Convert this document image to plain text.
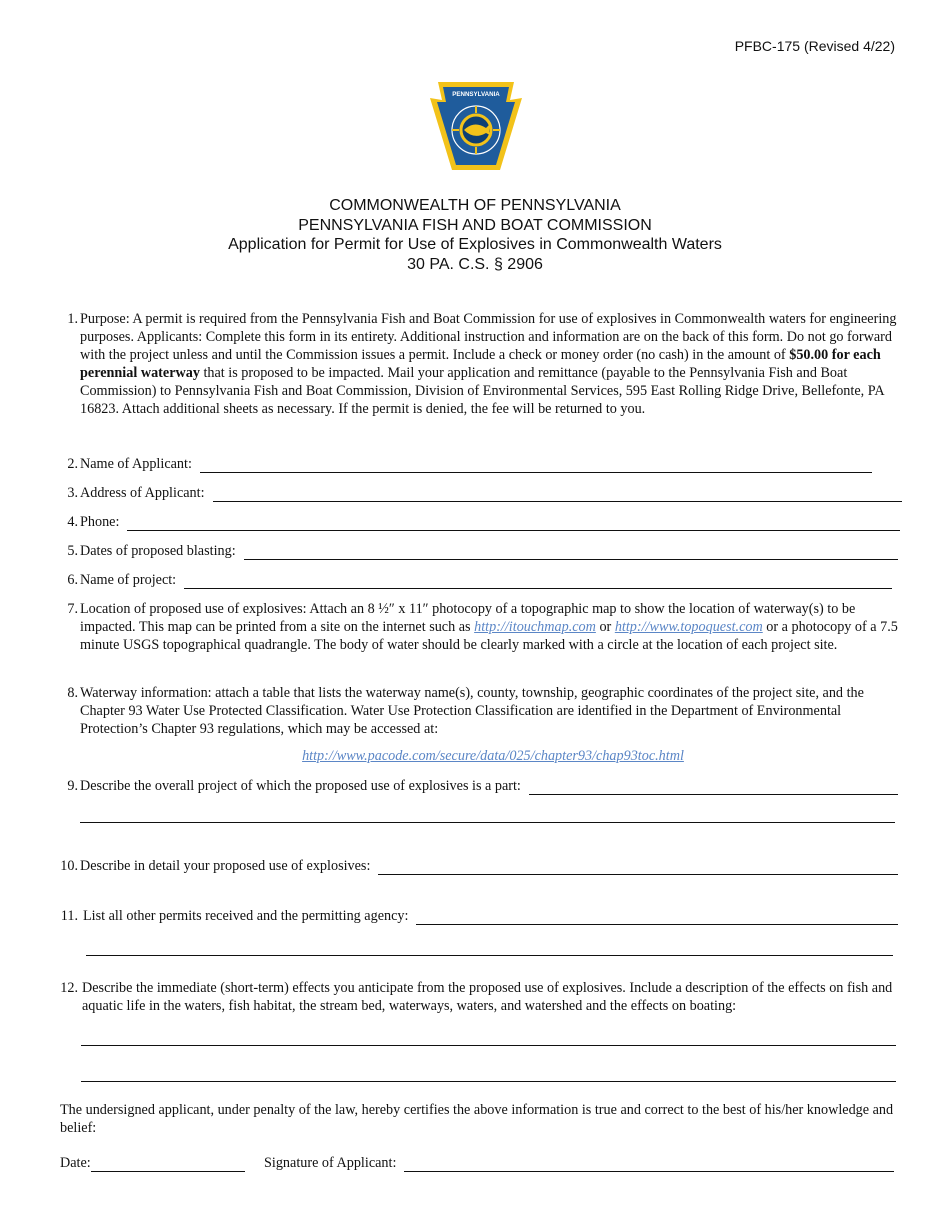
PFBC-175 (Revised 4/22)
PENNSYLVANIA
COMMONWEALTH OF PENNSYLVANIA
PENNSYLVANIA FISH AND BOAT COMMISSION
Application for Permit for Use of Explosives in Commonwealth Waters
30 PA. C.S. § 2906
1. Purpose: A permit is required from the Pennsylvania Fish and Boat Commission for use of explosives in Commonwealth waters for engineering purposes. Applicants: Complete this form in its entirety. Additional instruction and information are on the back of this form. Do not go forward with the project unless and until the Commission issues a permit. Include a check or money order (no cash) in the amount of $50.00 for each perennial waterway that is proposed to be impacted. Mail your application and remittance (payable to the Pennsylvania Fish and Boat Commission) to Pennsylvania Fish and Boat Commission, Division of Environmental Services, 595 East Rolling Ridge Drive, Bellefonte, PA 16823. Attach additional sheets as necessary. If the permit is denied, the fee will be returned to you.
2. Name of Applicant:
3. Address of Applicant:
4. Phone:
5. Dates of proposed blasting:
6. Name of project:
7. Location of proposed use of explosives: Attach an 8 ½″ x 11″ photocopy of a topographic map to show the location of waterway(s) to be impacted. This map can be printed from a site on the internet such as http://itouchmap.com or http://www.topoquest.com or a photocopy of a 7.5 minute USGS topographical quadrangle. The body of water should be clearly marked with a circle at the location of each project site.
8. Waterway information: attach a table that lists the waterway name(s), county, township, geographic coordinates of the project site, and the Chapter 93 Water Use Protected Classification. Water Use Protection Classification are identified in the Department of Environmental Protection’s Chapter 93 regulations, which may be accessed at:
http://www.pacode.com/secure/data/025/chapter93/chap93toc.html
9. Describe the overall project of which the proposed use of explosives is a part:
10. Describe in detail your proposed use of explosives:
11. List all other permits received and the permitting agency:
12. Describe the immediate (short-term) effects you anticipate from the proposed use of explosives. Include a description of the effects on fish and aquatic life in the waters, fish habitat, the stream bed, waterways, waters, and watershed and the effects on boating:
The undersigned applicant, under penalty of the law, hereby certifies the above information is true and correct to the best of his/her knowledge and belief:
Date:	Signature of Applicant:
